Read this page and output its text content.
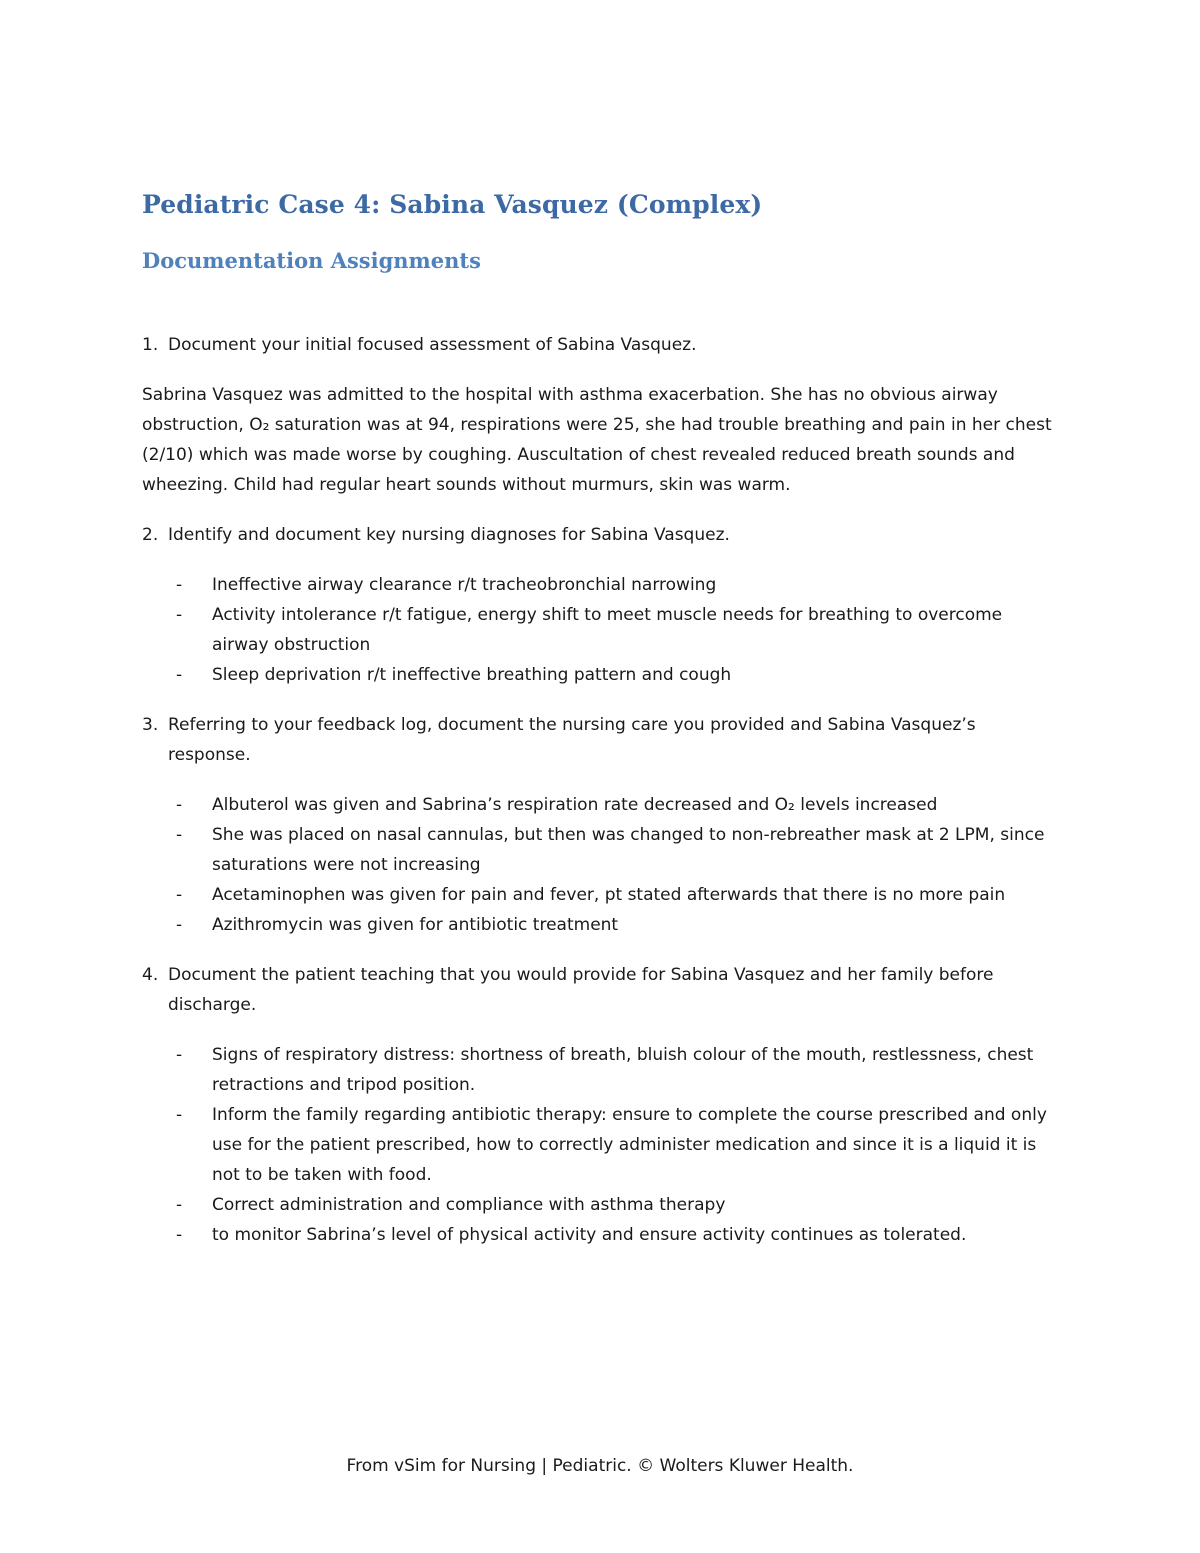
Pediatric Case 4: Sabina Vasquez (Complex)
Documentation Assignments
1. Document your initial focused assessment of Sabina Vasquez.

Sabrina Vasquez was admitted to the hospital with asthma exacerbation. She has no obvious airway obstruction, O₂ saturation was at 94, respirations were 25, she had trouble breathing and pain in her chest (2/10) which was made worse by coughing. Auscultation of chest revealed reduced breath sounds and wheezing. Child had regular heart sounds without murmurs, skin was warm.

2. Identify and document key nursing diagnoses for Sabina Vasquez.
-	Ineffective airway clearance r/t tracheobronchial narrowing
-	Activity intolerance r/t fatigue, energy shift to meet muscle needs for breathing to overcome airway obstruction
-	Sleep deprivation r/t ineffective breathing pattern and cough
3. Referring to your feedback log, document the nursing care you provided and Sabina Vasquez’s response.
-	Albuterol was given and Sabrina’s respiration rate decreased and O₂ levels increased
-	She was placed on nasal cannulas, but then was changed to non-rebreather mask at 2 LPM, since saturations were not increasing
-	Acetaminophen was given for pain and fever, pt stated afterwards that there is no more pain
-	Azithromycin was given for antibiotic treatment
4. Document the patient teaching that you would provide for Sabina Vasquez and her family before discharge.
-	Signs of respiratory distress: shortness of breath, bluish colour of the mouth, restlessness, chest retractions and tripod position.
-	Inform the family regarding antibiotic therapy: ensure to complete the course prescribed and only use for the patient prescribed, how to correctly administer medication and since it is a liquid it is not to be taken with food.
-	Correct administration and compliance with asthma therapy
-	to monitor Sabrina’s level of physical activity and ensure activity continues as tolerated.
From vSim for Nursing | Pediatric. © Wolters Kluwer Health.
